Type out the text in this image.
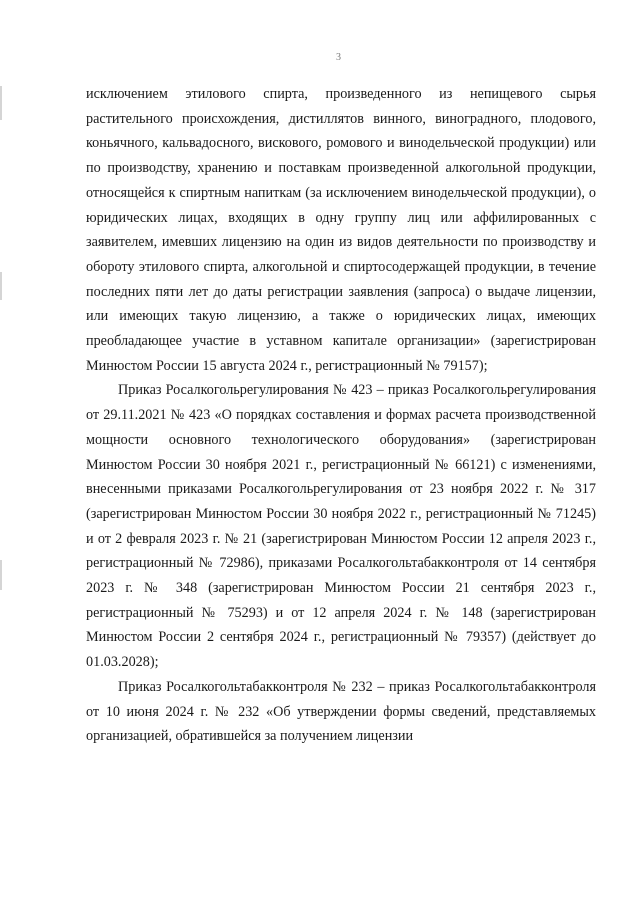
3

исключением этилового спирта, произведенного из непищевого сырья растительного происхождения, дистиллятов винного, виноградного, плодового, коньячного, кальвадосного, вискового, ромового и винодельческой продукции) или по производству, хранению и поставкам произведенной алкогольной продукции, относящейся к спиртным напиткам (за исключением винодельческой продукции), о юридических лицах, входящих в одну группу лиц или аффилированных с заявителем, имевших лицензию на один из видов деятельности по производству и обороту этилового спирта, алкогольной и спиртосодержащей продукции, в течение последних пяти лет до даты регистрации заявления (запроса) о выдаче лицензии, или имеющих такую лицензию, а также о юридических лицах, имеющих преобладающее участие в уставном капитале организации» (зарегистрирован Минюстом России 15 августа 2024 г., регистрационный № 79157);

Приказ Росалкогольрегулирования № 423 – приказ Росалкогольрегулирования от 29.11.2021 № 423 «О порядках составления и формах расчета производственной мощности основного технологического оборудования» (зарегистрирован Минюстом России 30 ноября 2021 г., регистрационный № 66121) с изменениями, внесенными приказами Росалкогольрегулирования от 23 ноября 2022 г. № 317 (зарегистрирован Минюстом России 30 ноября 2022 г., регистрационный № 71245) и от 2 февраля 2023 г. № 21 (зарегистрирован Минюстом России 12 апреля 2023 г., регистрационный № 72986), приказами Росалкогольтабакконтроля от 14 сентября 2023 г. № 348 (зарегистрирован Минюстом России 21 сентября 2023 г., регистрационный № 75293) и от 12 апреля 2024 г. № 148 (зарегистрирован Минюстом России 2 сентября 2024 г., регистрационный № 79357) (действует до 01.03.2028);

Приказ Росалкогольтабакконтроля № 232 – приказ Росалкогольтабакконтроля от 10 июня 2024 г. № 232 «Об утверждении формы сведений, представляемых организацией, обратившейся за получением лицензии
